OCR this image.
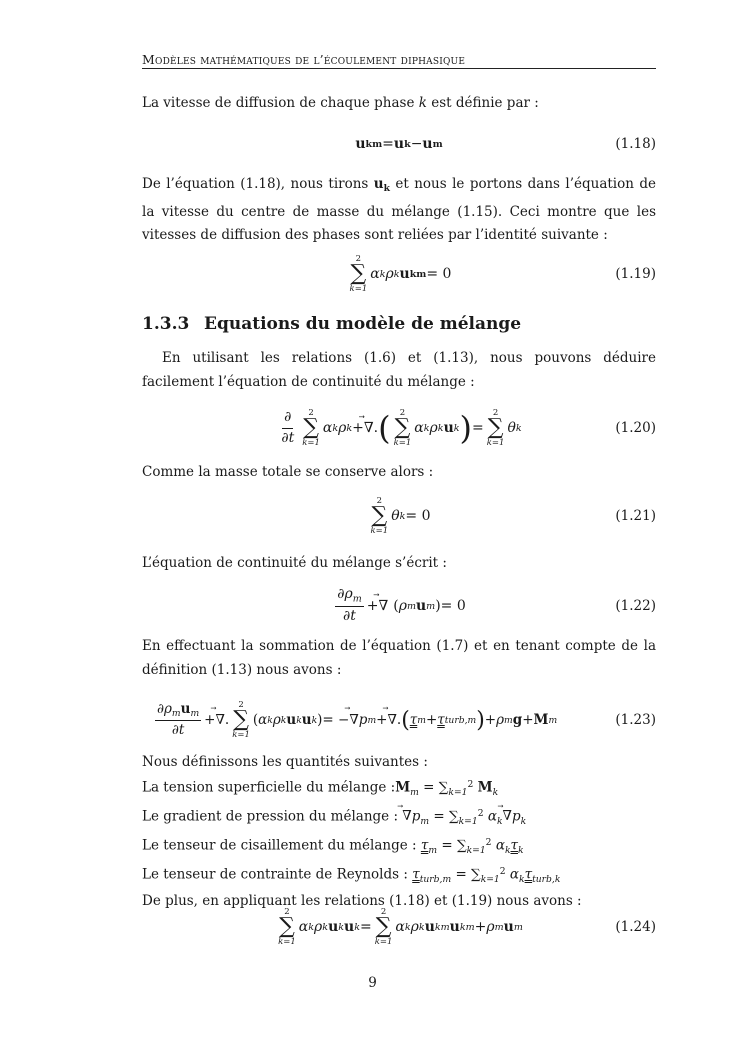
Modèles mathématiques de l’écoulement diphasique
La vitesse de diffusion de chaque phase k est définie par :
u km = u k − u m	(1.18)
De l’équation (1.18), nous tirons $u_k$ et nous le portons dans l’équation de la vitesse du centre de masse du mélange (1.15). Ceci montre que les vitesses de diffusion des phases sont reliées par l’identité suivante :
2
∑
k=1
α k ρ k u km = 0	(1.19)
1.3.3 Equations du modèle de mélange
En utilisant les relations (1.6) et (1.13), nous pouvons déduire facilement l’équation de continuité du mélange :
$\frac{\partial}{\partial t} 2$
∑
k=1
α k ρ k + ⃗ ∇ . ( 2
∑
k=1
α k ρ k u k ) =
2
∑
k=1
θ k	(1.20)
Comme la masse totale se conserve alors :
2
∑
k=1
θ k = 0	(1.21)
L’équation de continuité du mélange s’écrit :
$\frac{\partial\rho_m}{\partial t}$ + ⃗ ∇ ( ρ m u m ) = 0	(1.22)
En effectuant la sommation de l’équation (1.7) et en tenant compte de la définition (1.13) nous avons :
$\frac{\partial\rho_mu_m}{\partial t}$ + ⃗ ∇ .
2
∑
k=1
( α k ρ k u k u k ) = − ⃗ ∇ p m + ⃗ ∇ . ( τ m + τ turb,m ) + ρ m g + M m	(1.23)
Nous définissons les quantités suivantes :
La tension superficielle du mélange $:M_m = \sum_{k=1}^2$ $M_k$
Le gradient de pression du mélange : ⃗ $\nabla p_m = \sum_{k=1}^2$ $\alpha_k⃗$ $\nabla p_k$
Le tenseur de cisaillement du mélange : $\tau_m = \sum_{k=1}^2$ $\alpha_k\tau_k$
Le tenseur de contrainte de Reynolds : $\tau_{turb,m} = \sum_{k=1}^2$ $\alpha_k\tau_{turb,k}$
De plus, en appliquant les relations (1.18) et (1.19) nous avons :
2
∑
k=1
α k ρ k u k u k =
2
∑
k=1
α k ρ k u km u km + ρ m u m	(1.24)
9
